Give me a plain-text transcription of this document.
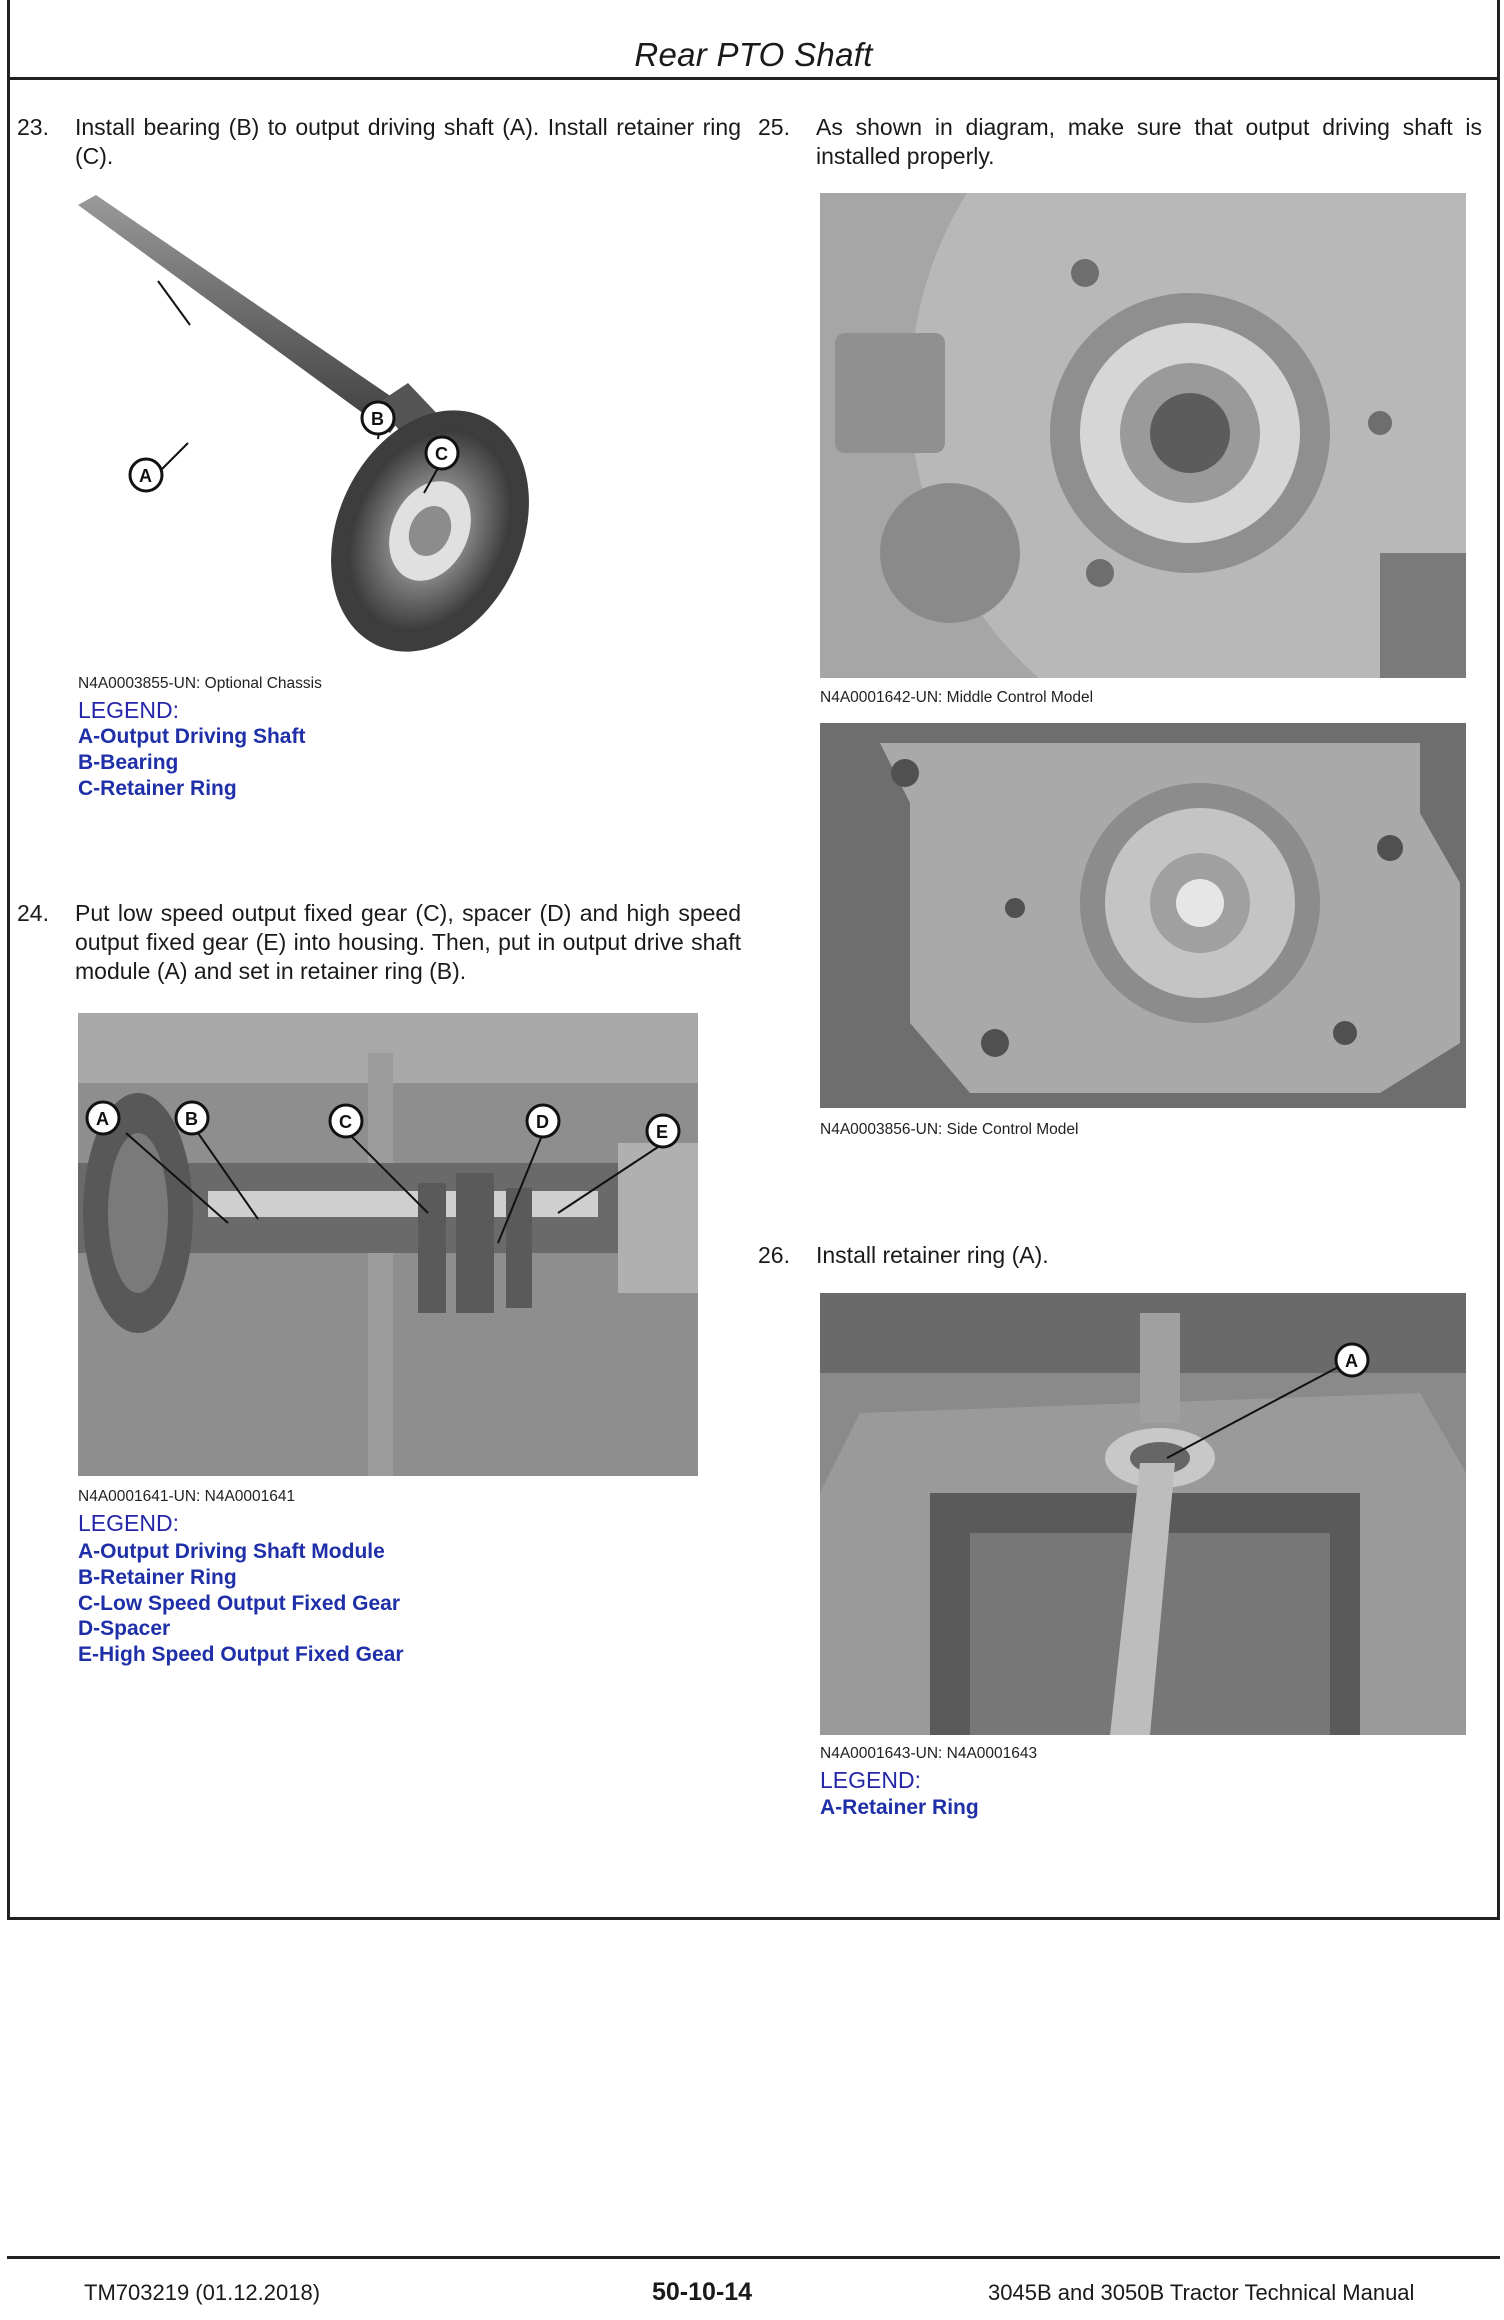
Rear PTO Shaft
23. Install bearing (B) to output driving shaft (A). Install retainer ring (C).
A
B
C
N4A0003855-UN: Optional Chassis
LEGEND:
A-Output Driving Shaft
B-Bearing
C-Retainer Ring
24. Put low speed output fixed gear (C), spacer (D) and high speed output fixed gear (E) into housing. Then, put in output drive shaft module (A) and set in retainer ring (B).
A	B	C	D	E
N4A0001641-UN: N4A0001641
LEGEND:
A-Output Driving Shaft Module
B-Retainer Ring
C-Low Speed Output Fixed Gear
D-Spacer
E-High Speed Output Fixed Gear
25. As shown in diagram, make sure that output driving shaft is installed properly.
N4A0001642-UN: Middle Control Model
N4A0003856-UN: Side Control Model
26. Install retainer ring (A).
A
N4A0001643-UN: N4A0001643
LEGEND:
A-Retainer Ring
TM703219 (01.12.2018)	50-10-14	3045B and 3050B Tractor Technical Manual
